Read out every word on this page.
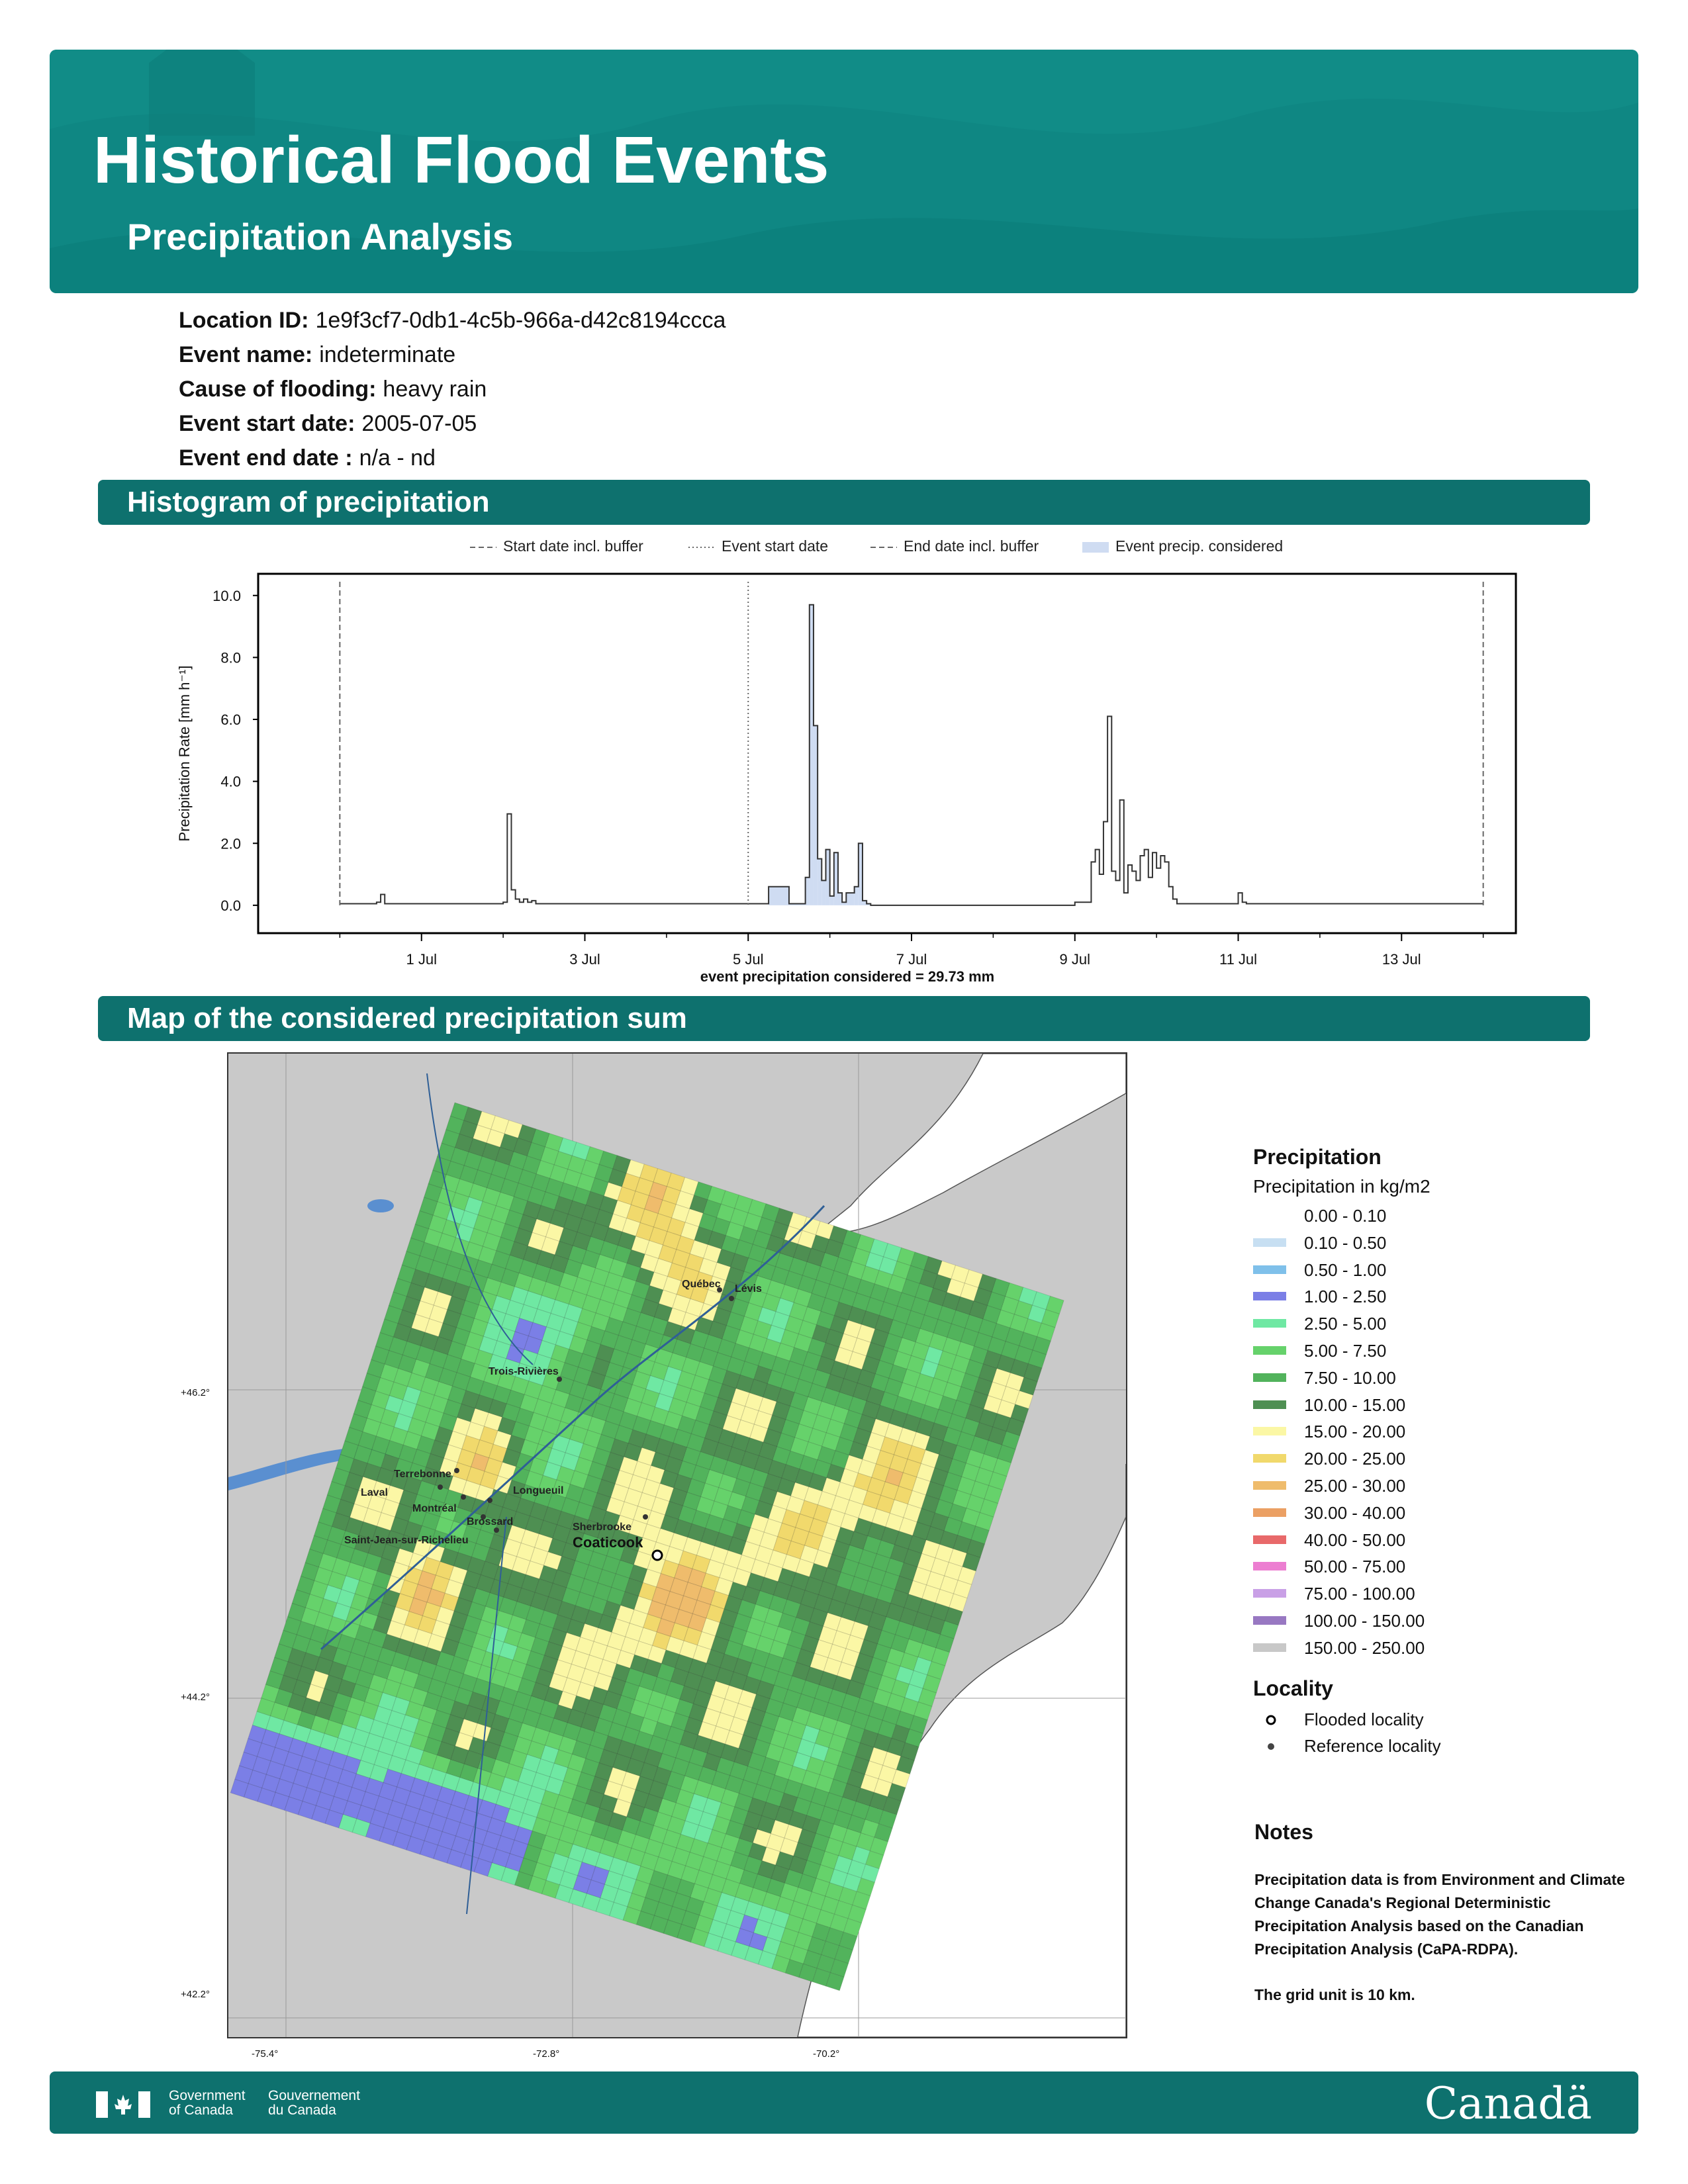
Historical Flood Events
Precipitation Analysis
Location ID: 1e9f3cf7-0db1-4c5b-966a-d42c8194ccca
Event name: indeterminate
Cause of flooding: heavy rain
Event start date: 2005-07-05
Event end date : n/a - nd
Histogram of precipitation
Start date incl. buffer	Event start date	End date incl. buffer	Event precip. considered
0.0
2.0
4.0
6.0
8.0
10.0
1 Jul	3 Jul	5 Jul	7 Jul	9 Jul	11 Jul	13 Jul
Precipitation Rate [mm h⁻¹]
event precipitation considered = 29.73 mm
Map of the considered precipitation sum
Québec Lévis
Trois-Rivières
Terrebonne
Laval
Montréal
Longueuil
Brossard
Saint-Jean-sur-Richelieu
Sherbrooke
Coaticook
+46.2°
+44.2°
+42.2°
-75.4°	-72.8°	-70.2°
Precipitation
Precipitation in kg/m2
0.00 - 0.10
0.10 - 0.50
0.50 - 1.00
1.00 - 2.50
2.50 - 5.00
5.00 - 7.50
7.50 - 10.00
10.00 - 15.00
15.00 - 20.00
20.00 - 25.00
25.00 - 30.00
30.00 - 40.00
40.00 - 50.00
50.00 - 75.00
75.00 - 100.00
100.00 - 150.00
150.00 - 250.00
Locality
Flooded locality
Reference locality
Notes
Precipitation data is from Environment and Climate Change Canada's Regional Deterministic Precipitation Analysis based on the Canadian Precipitation Analysis (CaPA-RDPA).
The grid unit is 10 km.
Government
of Canada
Gouvernement
du Canada	Canadä
